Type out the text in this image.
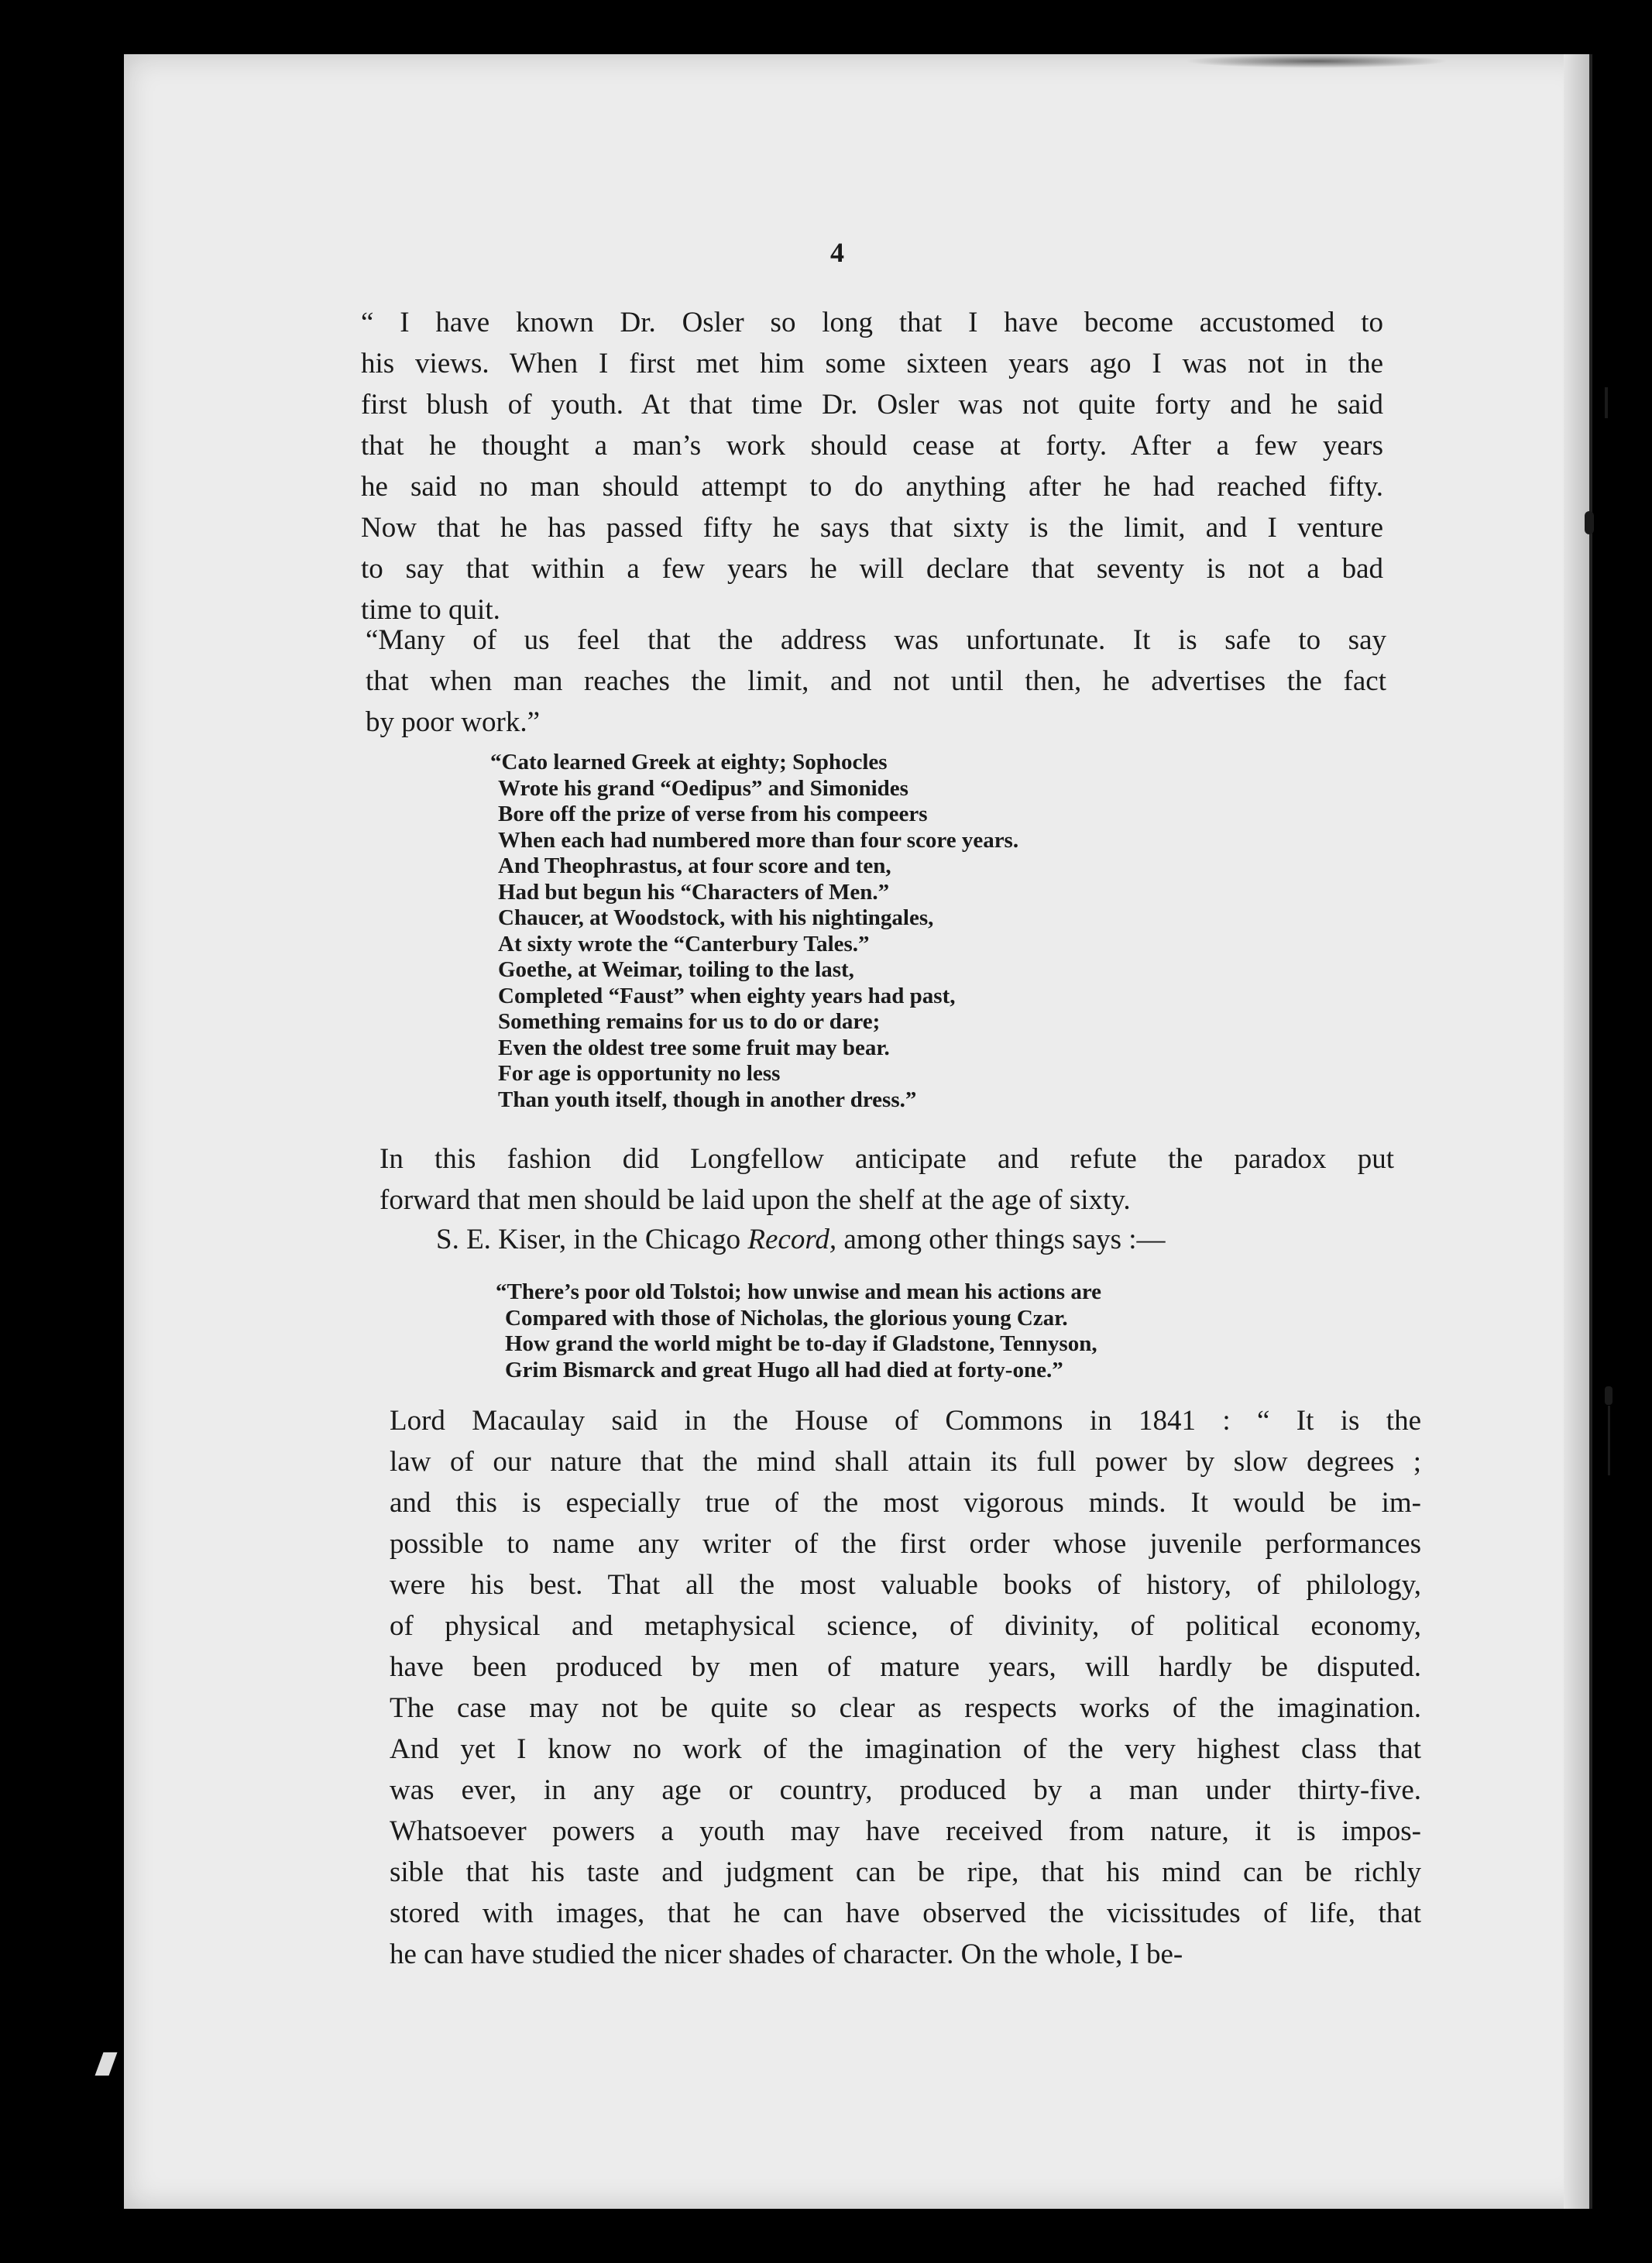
4

“ I have known Dr. Osler so long that I have become accustomed to
his views. When I first met him some sixteen years ago I was not in the
first blush of youth. At that time Dr. Osler was not quite forty and he said
that he thought a man’s work should cease at forty. After a few years
he said no man should attempt to do anything after he had reached fifty.
Now that he has passed fifty he says that sixty is the limit, and I venture
to say that within a few years he will declare that seventy is not a bad
time to quit.

“Many of us feel that the address was unfortunate. It is safe to say
that when man reaches the limit, and not until then, he advertises the fact
by poor work.”

“Cato learned Greek at eighty; Sophocles
Wrote his grand “Oedipus” and Simonides
Bore off the prize of verse from his compeers
When each had numbered more than four score years.
And Theophrastus, at four score and ten,
Had but begun his “Characters of Men.”
Chaucer, at Woodstock, with his nightingales,
At sixty wrote the “Canterbury Tales.”
Goethe, at Weimar, toiling to the last,
Completed “Faust” when eighty years had past,
Something remains for us to do or dare;
Even the oldest tree some fruit may bear.
For age is opportunity no less
Than youth itself, though in another dress.”

In this fashion did Longfellow anticipate and refute the paradox put
forward that men should be laid upon the shelf at the age of sixty.

S. E. Kiser, in the Chicago Record, among other things says :—

“There’s poor old Tolstoi; how unwise and mean his actions are
Compared with those of Nicholas, the glorious young Czar.
How grand the world might be to-day if Gladstone, Tennyson,
Grim Bismarck and great Hugo all had died at forty-one.”

Lord Macaulay said in the House of Commons in 1841 : “ It is the
law of our nature that the mind shall attain its full power by slow degrees ;
and this is especially true of the most vigorous minds. It would be im-
possible to name any writer of the first order whose juvenile performances
were his best. That all the most valuable books of history, of philology,
of physical and metaphysical science, of divinity, of political economy,
have been produced by men of mature years, will hardly be disputed.
The case may not be quite so clear as respects works of the imagination.
And yet I know no work of the imagination of the very highest class that
was ever, in any age or country, produced by a man under thirty-five.
Whatsoever powers a youth may have received from nature, it is impos-
sible that his taste and judgment can be ripe, that his mind can be richly
stored with images, that he can have observed the vicissitudes of life, that
he can have studied the nicer shades of character. On the whole, I be-
